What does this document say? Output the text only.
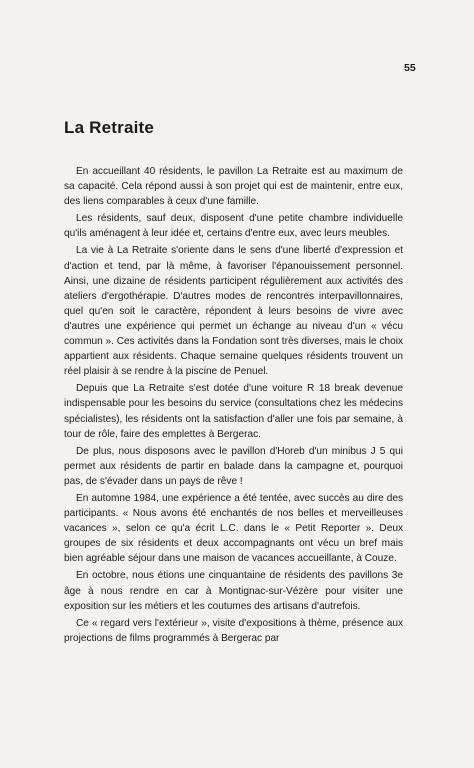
55
La Retraite

En accueillant 40 résidents, le pavillon La Retraite est au maximum de sa capacité. Cela répond aussi à son projet qui est de maintenir, entre eux, des liens comparables à ceux d'une famille.

Les résidents, sauf deux, disposent d'une petite chambre individuelle qu'ils aménagent à leur idée et, certains d'entre eux, avec leurs meubles.

La vie à La Retraite s'oriente dans le sens d'une liberté d'expression et d'action et tend, par là même, à favoriser l'épanouissement personnel. Ainsi, une dizaine de résidents participent régulièrement aux activités des ateliers d'ergothérapie. D'autres modes de rencontres interpavillonnaires, quel qu'en soit le caractère, répondent à leurs besoins de vivre avec d'autres une expérience qui permet un échange au niveau d'un « vécu commun ». Ces activités dans la Fondation sont très diverses, mais le choix appartient aux résidents. Chaque semaine quelques résidents trouvent un réel plaisir à se rendre à la piscine de Penuel.

Depuis que La Retraite s'est dotée d'une voiture R 18 break devenue indispensable pour les besoins du service (consultations chez les médecins spécialistes), les résidents ont la satisfaction d'aller une fois par semaine, à tour de rôle, faire des emplettes à Bergerac.

De plus, nous disposons avec le pavillon d'Horeb d'un minibus J 5 qui permet aux résidents de partir en balade dans la campagne et, pourquoi pas, de s'évader dans un pays de rêve !

En automne 1984, une expérience a été tentée, avec succès au dire des participants. « Nous avons été enchantés de nos belles et merveilleuses vacances », selon ce qu'a écrit L.C. dans le « Petit Reporter ». Deux groupes de six résidents et deux accompagnants ont vécu un bref mais bien agréable séjour dans une maison de vacances accueillante, à Couze.

En octobre, nous étions une cinquantaine de résidents des pavillons 3e âge à nous rendre en car à Montignac-sur-Vézère pour visiter une exposition sur les métiers et les coutumes des artisans d'autrefois.

Ce « regard vers l'extérieur », visite d'expositions à thème, présence aux projections de films programmés à Bergerac par
